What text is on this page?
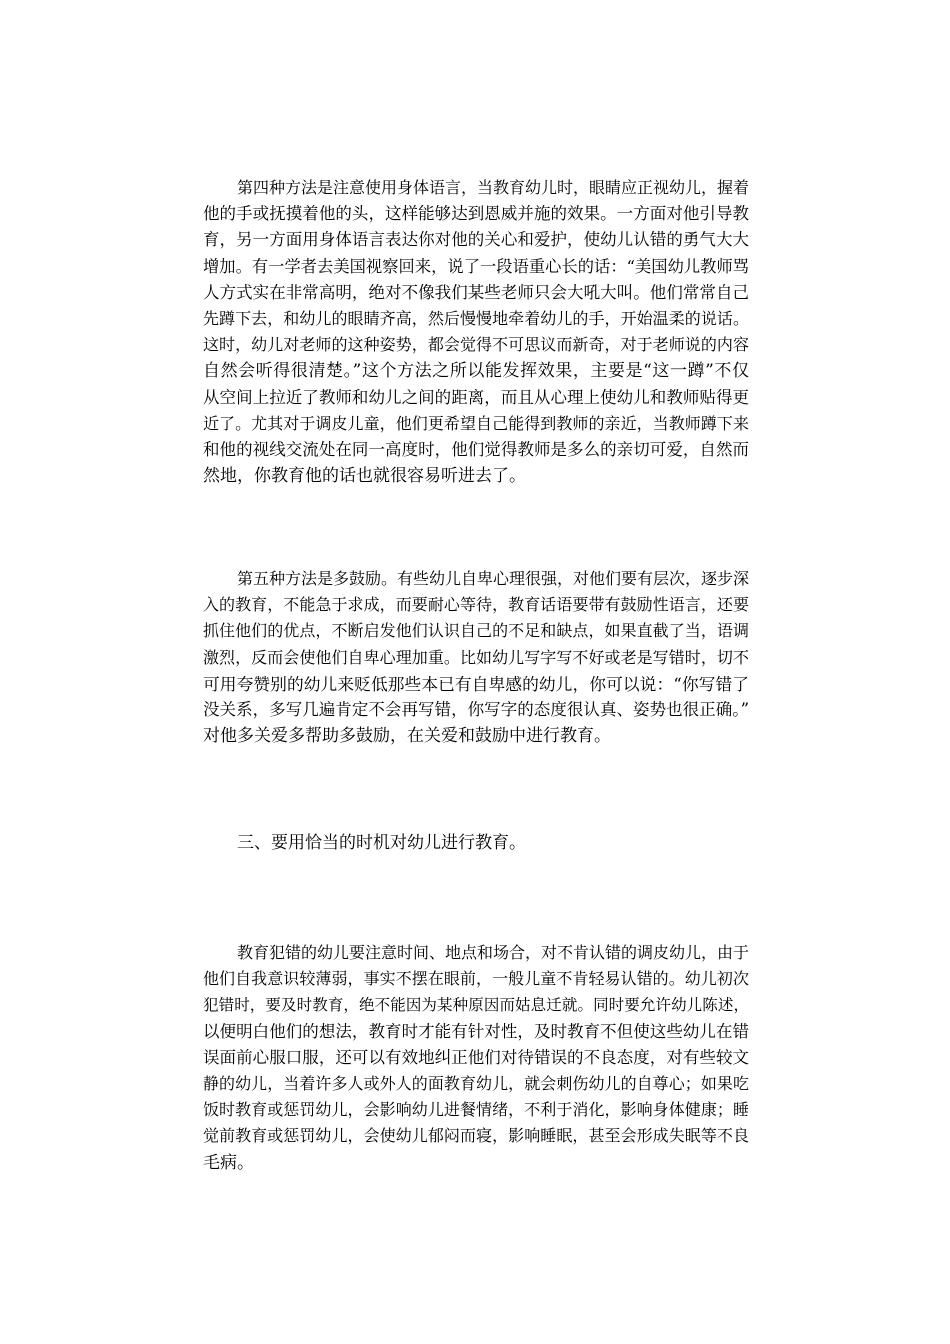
第四种方法是注意使用身体语言，当教育幼儿时，眼睛应正视幼儿，握着
他的手或抚摸着他的头，这样能够达到恩威并施的效果。一方面对他引导教
育，另一方面用身体语言表达你对他的关心和爱护，使幼儿认错的勇气大大
增加。有一学者去美国视察回来，说了一段语重心长的话：“美国幼儿教师骂
人方式实在非常高明，绝对不像我们某些老师只会大吼大叫。他们常常自己
先蹲下去，和幼儿的眼睛齐高，然后慢慢地牵着幼儿的手，开始温柔的说话。
这时，幼儿对老师的这种姿势，都会觉得不可思议而新奇，对于老师说的内容
自然会听得很清楚。”这个方法之所以能发挥效果，主要是“这一蹲”不仅
从空间上拉近了教师和幼儿之间的距离，而且从心理上使幼儿和教师贴得更
近了。尤其对于调皮儿童，他们更希望自己能得到教师的亲近，当教师蹲下来
和他的视线交流处在同一高度时，他们觉得教师是多么的亲切可爱，自然而
然地，你教育他的话也就很容易听进去了。
第五种方法是多鼓励。有些幼儿自卑心理很强，对他们要有层次，逐步深
入的教育，不能急于求成，而要耐心等待，教育话语要带有鼓励性语言，还要
抓住他们的优点，不断启发他们认识自己的不足和缺点，如果直截了当，语调
激烈，反而会使他们自卑心理加重。比如幼儿写字写不好或老是写错时，切不
可用夸赞别的幼儿来贬低那些本已有自卑感的幼儿，你可以说：“你写错了
没关系，多写几遍肯定不会再写错，你写字的态度很认真、姿势也很正确。”
对他多关爱多帮助多鼓励，在关爱和鼓励中进行教育。
三、要用恰当的时机对幼儿进行教育。
教育犯错的幼儿要注意时间、地点和场合，对不肯认错的调皮幼儿，由于
他们自我意识较薄弱，事实不摆在眼前，一般儿童不肯轻易认错的。幼儿初次
犯错时，要及时教育，绝不能因为某种原因而姑息迁就。同时要允许幼儿陈述，
以便明白他们的想法，教育时才能有针对性，及时教育不但使这些幼儿在错
误面前心服口服，还可以有效地纠正他们对待错误的不良态度，对有些较文
静的幼儿，当着许多人或外人的面教育幼儿，就会刺伤幼儿的自尊心；如果吃
饭时教育或惩罚幼儿，会影响幼儿进餐情绪，不利于消化，影响身体健康；睡
觉前教育或惩罚幼儿，会使幼儿郁闷而寝，影响睡眠，甚至会形成失眠等不良
毛病。
